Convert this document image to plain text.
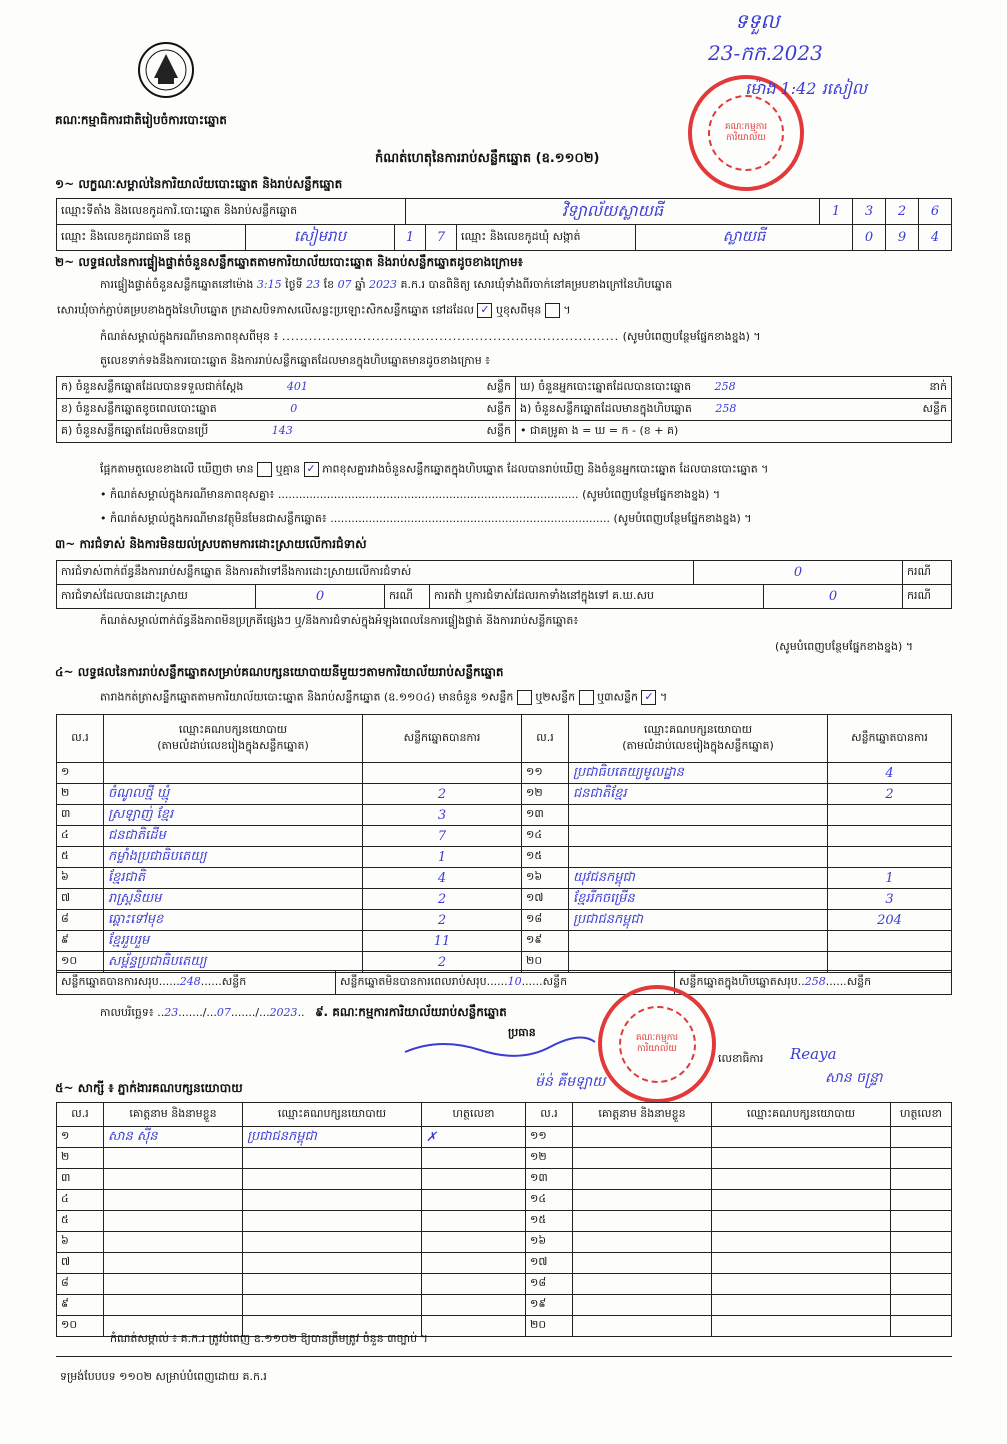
គណៈកម្មាធិការជាតិរៀបចំការបោះឆ្នោត
ទទួល
23-កក.2023
គណៈកម្មការការិយាល័យ
ម៉ោង 1:42 រសៀល
កំណត់ហេតុនៃការរាប់សន្លឹកឆ្នោត (ឧ.១១០២)
១~ លក្ខណៈសម្គាល់នៃការិយាល័យបោះឆ្នោត និងរាប់សន្លឹកឆ្នោត
ឈ្មោះទីតាំង និងលេខកូដការិ.បោះឆ្នោត និងរាប់សន្លឹកឆ្នោត	វិទ្យាល័យស្លាយធី	1	3	2	6
ឈ្មោះ និងលេខកូដរាជធានី ខេត្ត	សៀមរាប	1	7	ឈ្មោះ និងលេខកូដឃុំ សង្កាត់	ស្លាយធី	0	9	4
២~ លទ្ធផលនៃការផ្ទៀងផ្ទាត់ចំនួនសន្លឹកឆ្នោតតាមការិយាល័យបោះឆ្នោត និងរាប់សន្លឹកឆ្នោតដូចខាងក្រោម៖
ការផ្ទៀងផ្ទាត់ចំនួនសន្លឹកឆ្នោតនៅម៉ោង 3:15 ថ្ងៃទី 23 ខែ 07 ឆ្នាំ 2023 គ.ក.រ បានពិនិត្យ សោរឃុំទាំងពីរចាក់នៅគម្របខាងក្រៅនៃហិបឆ្នោត
សោរឃុំចាក់ភ្ជាប់គម្របខាងក្នុងនៃហិបឆ្នោត ក្រដាសបិទភាសលើសន្លះប្រឡោះសិកសន្លឹកឆ្នោត នៅដដែល ✓ ឬខុសពីមុន  ។
កំណត់សម្គាល់ក្នុងករណីមានភាពខុសពីមុន ៖ ........................................................................... (សូមបំពេញបន្ថែមផ្នែកខាងខ្នង) ។
តួលេខទាក់ទងនឹងការបោះឆ្នោត និងការរាប់សន្លឹកឆ្នោតដែលមានក្នុងហិបឆ្នោតមានដូចខាងក្រោម ៖
ក) ចំនួនសន្លឹកឆ្នោតដែលបានទទួលជាក់ស្តែង 401 សន្លឹក	ឃ) ចំនួនអ្នកបោះឆ្នោតដែលបានបោះឆ្នោត 258 នាក់

ខ) ចំនួនសន្លឹកឆ្នោតខូចពេលបោះឆ្នោត 0 សន្លឹក	ង) ចំនួនសន្លឹកឆ្នោតដែលមានក្នុងហិបឆ្នោត 258 សន្លឹក

គ) ចំនួនសន្លឹកឆ្នោតដែលមិនបានប្រើ 143 សន្លឹក	• ជាគម្រូគា ង = ឃ = ក - (ខ + គ)
ផ្អែកតាមតួលេខខាងលើ ឃើញថា មាន ឬគ្មាន ✓ ភាពខុសគ្នារវាងចំនួនសន្លឹកឆ្នោតក្នុងហិបឆ្នោត ដែលបានរាប់ឃើញ និងចំនួនអ្នកបោះឆ្នោត ដែលបានបោះឆ្នោត ។
• កំណត់សម្គាល់ក្នុងករណីមានភាពខុសគ្នា៖ ...................................................................................... (សូមបំពេញបន្ថែមផ្នែកខាងខ្នង) ។
• កំណត់សម្គាល់ក្នុងករណីមានវត្ថុមិនមែនជាសន្លឹកឆ្នោត៖ ................................................................................ (សូមបំពេញបន្ថែមផ្នែកខាងខ្នង) ។
៣~ ការជំទាស់ និងការមិនយល់ស្របតាមការដោះស្រាយលើការជំទាស់
ការជំទាស់ពាក់ព័ន្ធនឹងការរាប់សន្លឹកឆ្នោត និងការតវ៉ាទៅនឹងការដោះស្រាយលើការជំទាស់	0	ករណី
ការជំទាស់ដែលបានដោះស្រាយ	0	ករណី	ការតវ៉ា ឬការជំទាស់ដែលរកាទាំងនៅក្នុងទៅ គ.ឃ.សប	0	ករណី
កំណត់សម្គាល់ពាក់ព័ន្ធនឹងភាពមិនប្រក្រតីផ្សេងៗ ឬ/និងការជំទាស់ក្នុងអំឡុងពេលនៃការផ្ទៀងផ្ទាត់ និងការរាប់សន្លឹកឆ្នោត៖
(សូមបំពេញបន្ថែមផ្នែកខាងខ្នង) ។
៤~ លទ្ធផលនៃការរាប់សន្លឹកឆ្នោតសម្រាប់គណបក្សនយោបាយនីមួយៗតាមការិយាល័យរាប់សន្លឹកឆ្នោត
តារាងកត់ត្រាសន្លឹកឆ្នោតតាមការិយាល័យបោះឆ្នោត និងរាប់សន្លឹកឆ្នោត (ឧ.១១០៤) មានចំនួន ១សន្លឹក ឬ២សន្លឹក ឬ៣សន្លឹក ✓ ។
ល.រ	ឈ្មោះគណបក្សនយោបាយ
(តាមលំដាប់លេខរៀងក្នុងសន្លឹកឆ្នោត)	សន្លឹកឆ្នោតបានការ	ល.រ	ឈ្មោះគណបក្សនយោបាយ
(តាមលំដាប់លេខរៀងក្នុងសន្លឹកឆ្នោត)	សន្លឹកឆ្នោតបានការ
១			១១	ប្រជាធិបតេយ្យមូលដ្ឋាន	4
២	ចំណូលថ្មី ឃ្មុំ	2	១២	ជនជាតិខ្មែរ	2
៣	ស្រឡាញ់ ខ្មែរ	3	១៣		
៤	ជនជាតិដើម	7	១៤		
៥	កម្លាំងប្រជាធិបតេយ្យ	1	១៥		
៦	ខ្មែរជាតិ	4	១៦	យុវជនកម្ពុជា	1
៧	រាស្ត្រនិយម	2	១៧	ខ្មែររីកចម្រើន	3
៨	ឆ្ពោះទៅមុខ	2	១៨	ប្រជាជនកម្ពុជា	204
៩	ខ្មែររួបរួម	11	១៩		
១០	សម្ព័ន្ធប្រជាធិបតេយ្យ	2	២០		
សន្លឹកឆ្នោតបានការសរុប......248......សន្លឹក	សន្លឹកឆ្នោតមិនបានការពេលរាប់សរុប......10......សន្លឹក	សន្លឹកឆ្នោតក្នុងហិបឆ្នោតសរុប..258......សន្លឹក
កាលបរិច្ឆេទ៖ ..23......./...07......./...2023..   ៩. គណៈកម្មការការិយាល័យរាប់សន្លឹកឆ្នោត
ប្រធាន	គណៈកម្មការការិយាល័យ
លេខាធិការ Reaya
ម៉ន់ គីមឡាយ	សាន ចន្ទ្រា
៥~ សាក្សី ៖ ភ្នាក់ងារគណបក្សនយោបាយ
ល.រ	គោត្តនាម និងនាមខ្លួន	ឈ្មោះគណបក្សនយោបាយ	ហត្ថលេខា	ល.រ	គោត្តនាម និងនាមខ្លួន	ឈ្មោះគណបក្សនយោបាយ	ហត្ថលេខា
១	សាន ស៊ីន	ប្រជាជនកម្ពុជា	✗	១១			
២				១២			
៣				១៣			
៤				១៤			
៥				១៥			
៦				១៦			
៧				១៧			
៨				១៨			
៩				១៩			
១០				២០			
កំណត់សម្គាល់ ៖ គ.ក.រ ត្រូវបំពេញ ឧ.១១០២ ឱ្យបានត្រឹមត្រូវ ចំនួន ៣ច្បាប់ ។
ទម្រង់បែបបទ ១១០២ សម្រាប់បំពេញដោយ គ.ក.រ
